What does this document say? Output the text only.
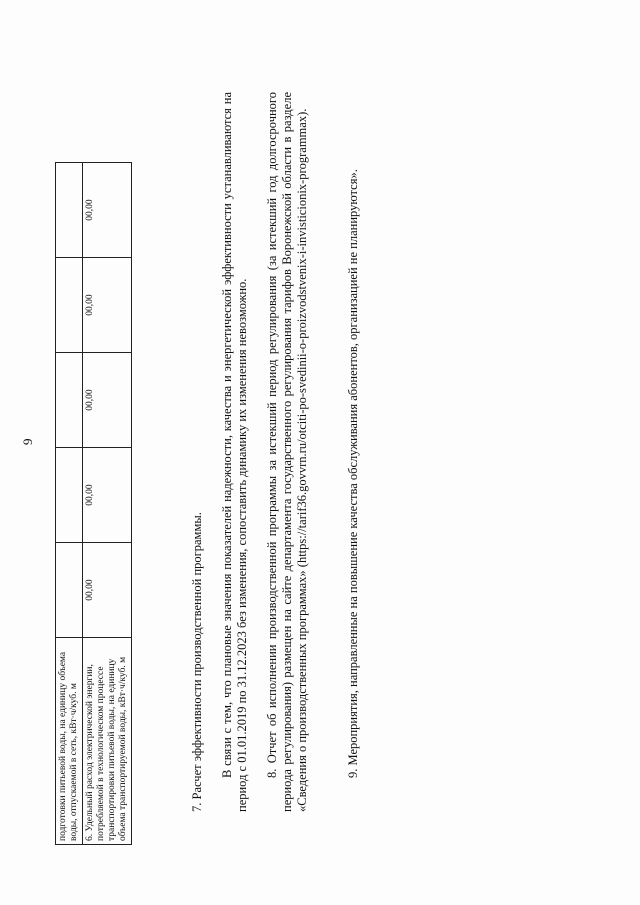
9
подготовки питьевой воды, на единицу объема воды, отпускаемой в сеть, кВт·ч/куб. м					
6. Удельный расход электрической энергии, потребляемой в технологическом процессе транспортировки питьевой воды, на единицу объема транспортируемой воды, кВт·ч/куб. м	00,00	00,00	00,00	00,00	00,00
7. Расчет эффективности производственной программы. В связи с тем, что плановые значения показателей надежности, качества и энергетической эффективности устанавливаются на период с 01.01.2019 по 31.12.2023 без изменения, сопоставить динамику их изменения невозможно. 8. Отчет об исполнении производственной программы за истекший период регулирования (за истекший год долгосрочного периода регулирования) размещен на сайте департамента государственного регулирования тарифов Воронежской области в разделе «Сведения о производственных программах» (https://tarif36.govvrn.ru/otciti-po-svedinii-o-proizvodstvenix-i-invisticionix-programmax).	9. Мероприятия, направленные на повышение качества обслуживания абонентов, организацией не планируются».
